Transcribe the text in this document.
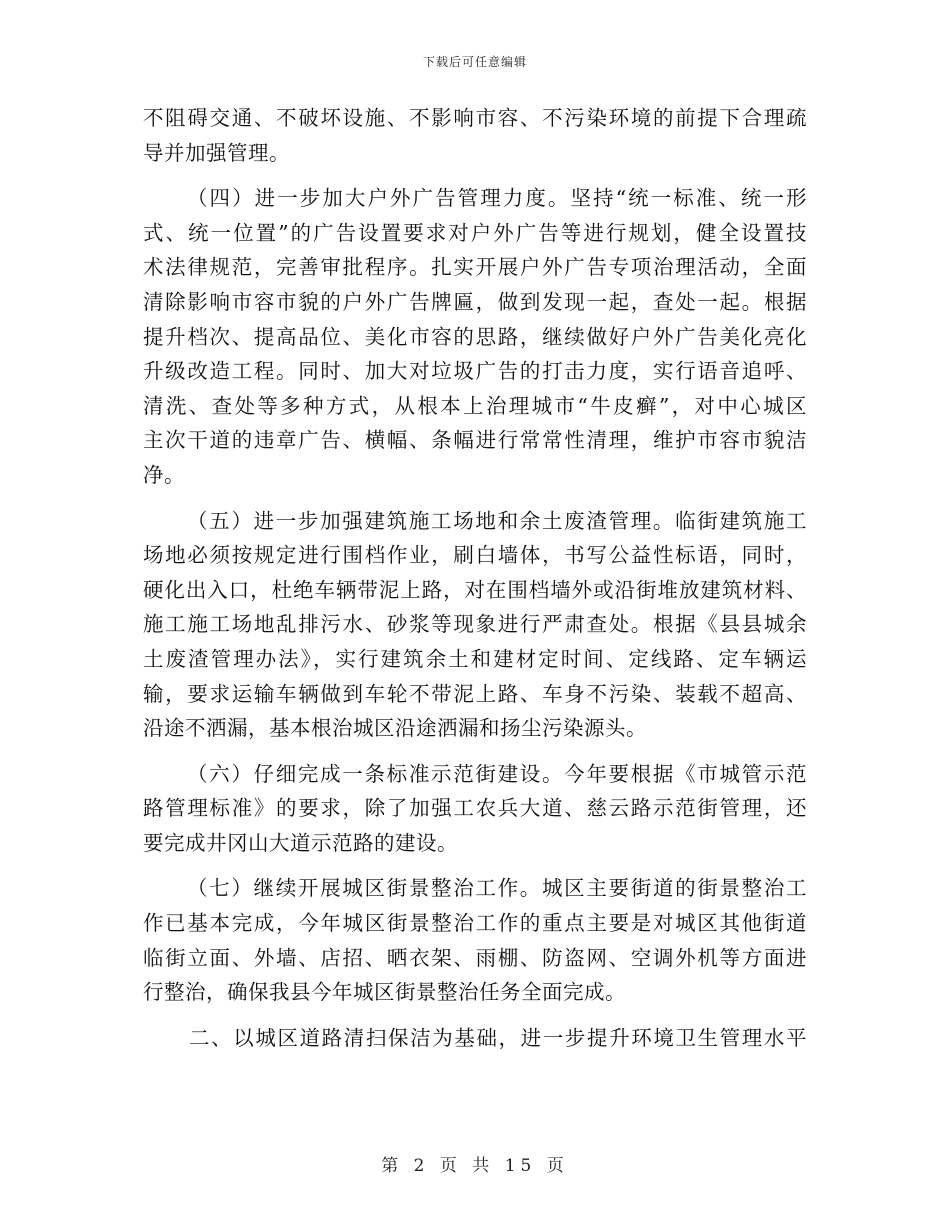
下载后可任意编辑
不阻碍交通、不破坏设施、不影响市容、不污染环境的前提下合理疏
导并加强管理。
（四）进一步加大户外广告管理力度。坚持“统一标准、统一形
式、统一位置”的广告设置要求对户外广告等进行规划，健全设置技
术法律规范，完善审批程序。扎实开展户外广告专项治理活动，全面
清除影响市容市貌的户外广告牌匾，做到发现一起，查处一起。根据
提升档次、提高品位、美化市容的思路，继续做好户外广告美化亮化
升级改造工程。同时、加大对垃圾广告的打击力度，实行语音追呼、
清洗、查处等多种方式，从根本上治理城市“牛皮癣”，对中心城区
主次干道的违章广告、横幅、条幅进行常常性清理，维护市容市貌洁
净。
（五）进一步加强建筑施工场地和余土废渣管理。临街建筑施工
场地必须按规定进行围档作业，刷白墙体，书写公益性标语，同时，
硬化出入口，杜绝车辆带泥上路，对在围档墙外或沿街堆放建筑材料、
施工施工场地乱排污水、砂浆等现象进行严肃查处。根据《县县城余
土废渣管理办法》，实行建筑余土和建材定时间、定线路、定车辆运
输，要求运输车辆做到车轮不带泥上路、车身不污染、装载不超高、
沿途不洒漏，基本根治城区沿途洒漏和扬尘污染源头。
（六）仔细完成一条标准示范街建设。今年要根据《市城管示范
路管理标准》的要求，除了加强工农兵大道、慈云路示范街管理，还
要完成井冈山大道示范路的建设。
（七）继续开展城区街景整治工作。城区主要街道的街景整治工
作已基本完成，今年城区街景整治工作的重点主要是对城区其他街道
临街立面、外墙、店招、晒衣架、雨棚、防盗网、空调外机等方面进
行整治，确保我县今年城区街景整治任务全面完成。
二、以城区道路清扫保洁为基础，进一步提升环境卫生管理水平
第 2 页 共 15 页
